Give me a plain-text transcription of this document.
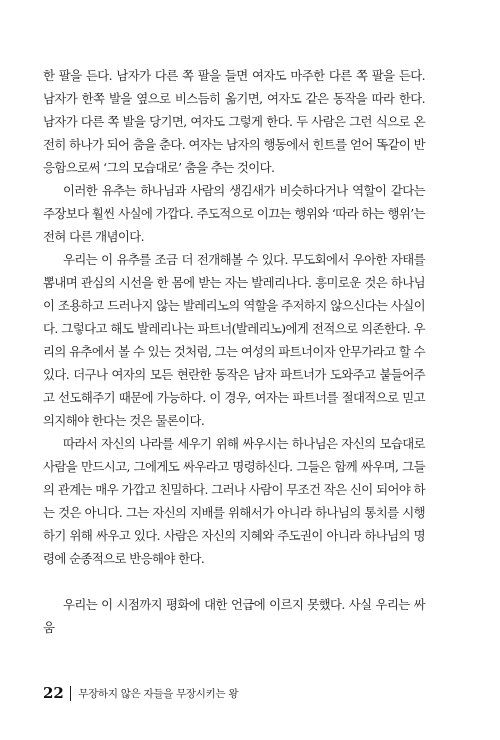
한 팔을 든다. 남자가 다른 쪽 팔을 들면 여자도 마주한 다른 쪽 팔을 든다. 남자가 한쪽 발을 옆으로 비스듬히 옮기면, 여자도 같은 동작을 따라 한다. 남자가 다른 쪽 발을 당기면, 여자도 그렇게 한다. 두 사람은 그런 식으로 온전히 하나가 되어 춤을 춘다. 여자는 남자의 행동에서 힌트를 얻어 똑같이 반응함으로써 ‘그의 모습대로’ 춤을 추는 것이다.

이러한 유추는 하나님과 사람의 생김새가 비슷하다거나 역할이 같다는 주장보다 훨씬 사실에 가깝다. 주도적으로 이끄는 행위와 ‘따라 하는 행위’는 전혀 다른 개념이다.

우리는 이 유추를 조금 더 전개해볼 수 있다. 무도회에서 우아한 자태를 뽐내며 관심의 시선을 한 몸에 받는 자는 발레리나다. 흥미로운 것은 하나님이 조용하고 드러나지 않는 발레리노의 역할을 주저하지 않으신다는 사실이다. 그렇다고 해도 발레리나는 파트너(발레리노)에게 전적으로 의존한다. 우리의 유추에서 볼 수 있는 것처럼, 그는 여성의 파트너이자 안무가라고 할 수 있다. 더구나 여자의 모든 현란한 동작은 남자 파트너가 도와주고 붙들어주고 선도해주기 때문에 가능하다. 이 경우, 여자는 파트너를 절대적으로 믿고 의지해야 한다는 것은 물론이다.

따라서 자신의 나라를 세우기 위해 싸우시는 하나님은 자신의 모습대로 사람을 만드시고, 그에게도 싸우라고 명령하신다. 그들은 함께 싸우며, 그들의 관계는 매우 가깝고 친밀하다. 그러나 사람이 무조건 작은 신이 되어야 하는 것은 아니다. 그는 자신의 지배를 위해서가 아니라 하나님의 통치를 시행하기 위해 싸우고 있다. 사람은 자신의 지혜와 주도권이 아니라 하나님의 명령에 순종적으로 반응해야 한다.

우리는 이 시점까지 평화에 대한 언급에 이르지 못했다. 사실 우리는 싸움

22 무장하지 않은 자들을 무장시키는 왕
